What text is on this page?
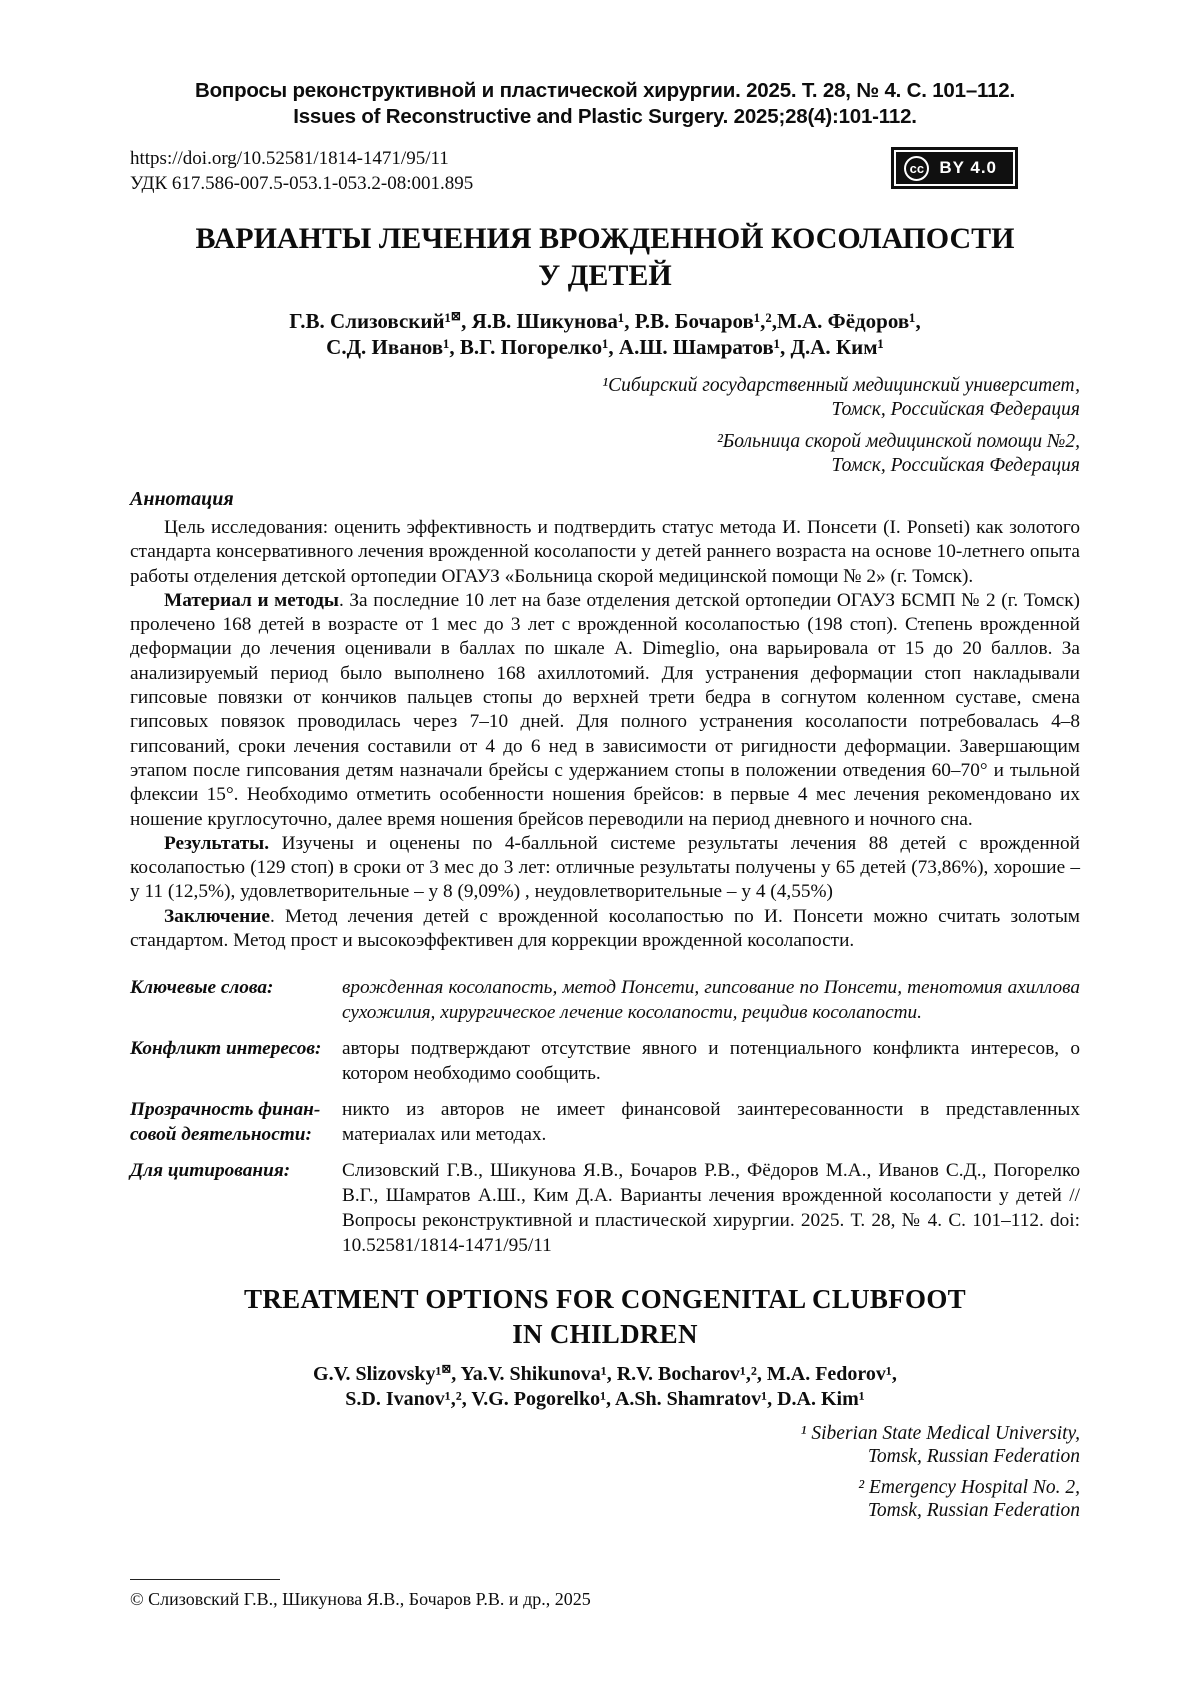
Вопросы реконструктивной и пластической хирургии. 2025. Т. 28, № 4. С. 101–112.
Issues of Reconstructive and Plastic Surgery. 2025;28(4):101-112.
https://doi.org/10.52581/1814-1471/95/11
УДК 617.586-007.5-053.1-053.2-08:001.895
cc BY 4.0
ВАРИАНТЫ ЛЕЧЕНИЯ ВРОЖДЕННОЙ КОСОЛАПОСТИ
У ДЕТЕЙ
Г.В. Слизовский¹⊠, Я.В. Шикунова¹, Р.В. Бочаров¹,²,М.А. Фёдоров¹,
С.Д. Иванов¹, В.Г. Погорелко¹, А.Ш. Шамратов¹, Д.А. Ким¹
¹Сибирский государственный медицинский университет,
Томск, Российская Федерация
²Больница скорой медицинской помощи №2,
Томск, Российская Федерация
Аннотация

Цель исследования: оценить эффективность и подтвердить статус метода И. Понсети (I. Ponseti) как золотого стандарта консервативного лечения врожденной косолапости у детей раннего возраста на основе 10-летнего опыта работы отделения детской ортопедии ОГАУЗ «Больница скорой медицинской помощи № 2» (г. Томск).

Материал и методы. За последние 10 лет на базе отделения детской ортопедии ОГАУЗ БСМП № 2 (г. Томск) пролечено 168 детей в возрасте от 1 мес до 3 лет с врожденной косолапостью (198 стоп). Степень врожденной деформации до лечения оценивали в баллах по шкале A. Dimeglio, она варьировала от 15 до 20 баллов. За анализируемый период было выполнено 168 ахиллотомий. Для устранения деформации стоп накладывали гипсовые повязки от кончиков пальцев стопы до верхней трети бедра в согнутом коленном суставе, смена гипсовых повязок проводилась через 7–10 дней. Для полного устранения косолапости потребовалась 4–8 гипсований, сроки лечения составили от 4 до 6 нед в зависимости от ригидности деформации. Завершающим этапом после гипсования детям назначали брейсы с удержанием стопы в положении отведения 60–70° и тыльной флексии 15°. Необходимо отметить особенности ношения брейсов: в первые 4 мес лечения рекомендовано их ношение круглосуточно, далее время ношения брейсов переводили на период дневного и ночного сна.

Результаты. Изучены и оценены по 4-балльной системе результаты лечения 88 детей с врожденной косолапостью (129 стоп) в сроки от 3 мес до 3 лет: отличные результаты получены у 65 детей (73,86%), хорошие – у 11 (12,5%), удовлетворительные – у 8 (9,09%) , неудовлетворительные – у 4 (4,55%)

Заключение. Метод лечения детей с врожденной косолапостью по И. Понсети можно считать золотым стандартом. Метод прост и высокоэффективен для коррекции врожденной косолапости.

Ключевые слова:	врожденная косолапость, метод Понсети, гипсование по Понсети, тенотомия ахиллова сухожилия, хирургическое лечение косолапости, рецидив косолапости.
Конфликт интересов:	авторы подтверждают отсутствие явного и потенциального конфликта интересов, о котором необходимо сообщить.
Прозрачность финансовой деятельности:
никто из авторов не имеет финансовой заинтересованности в представленных материалах или методах.
Для цитирования:	Слизовский Г.В., Шикунова Я.В., Бочаров Р.В., Фёдоров М.А., Иванов С.Д., Погорелко В.Г., Шамратов А.Ш., Ким Д.А. Варианты лечения врожденной косолапости у детей // Вопросы реконструктивной и пластической хирургии. 2025. Т. 28, № 4. С. 101–112. doi: 10.52581/1814-1471/95/11
TREATMENT OPTIONS FOR CONGENITAL CLUBFOOT
IN CHILDREN
G.V. Slizovsky¹⊠, Ya.V. Shikunova¹, R.V. Bocharov¹,², M.A. Fedorov¹,
S.D. Ivanov¹,², V.G. Pogorelko¹, A.Sh. Shamratov¹, D.A. Kim¹
¹ Siberian State Medical University,
Tomsk, Russian Federation
² Emergency Hospital No. 2,
Tomsk, Russian Federation
© Слизовский Г.В., Шикунова Я.В., Бочаров Р.В. и др., 2025
